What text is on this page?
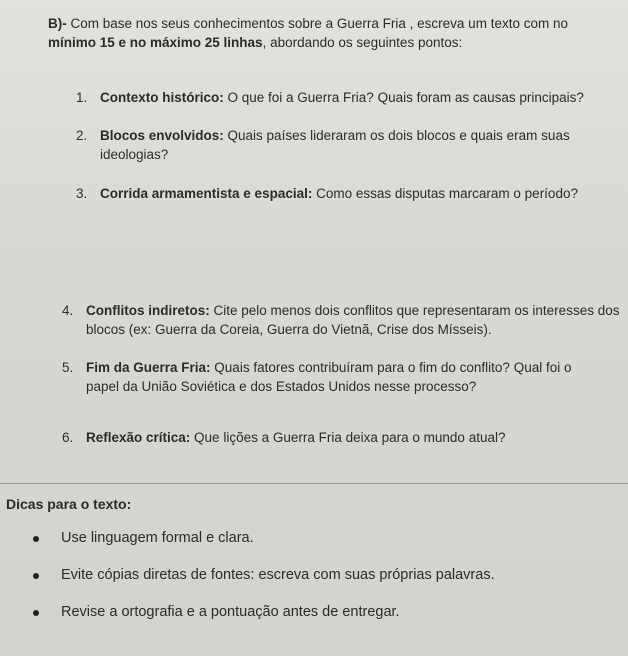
B)- Com base nos seus conhecimentos sobre a Guerra Fria , escreva um texto com no mínimo 15 e no máximo 25 linhas, abordando os seguintes pontos:
1. Contexto histórico: O que foi a Guerra Fria? Quais foram as causas principais?
2. Blocos envolvidos: Quais países lideraram os dois blocos e quais eram suas ideologias?
3. Corrida armamentista e espacial: Como essas disputas marcaram o período?
4. Conflitos indiretos: Cite pelo menos dois conflitos que representaram os interesses dos blocos (ex: Guerra da Coreia, Guerra do Vietnã, Crise dos Mísseis).
5. Fim da Guerra Fria: Quais fatores contribuíram para o fim do conflito? Qual foi o papel da União Soviética e dos Estados Unidos nesse processo?
6. Reflexão crítica: Que lições a Guerra Fria deixa para o mundo atual?
Dicas para o texto:
Use linguagem formal e clara.
Evite cópias diretas de fontes: escreva com suas próprias palavras.
Revise a ortografia e a pontuação antes de entregar.
